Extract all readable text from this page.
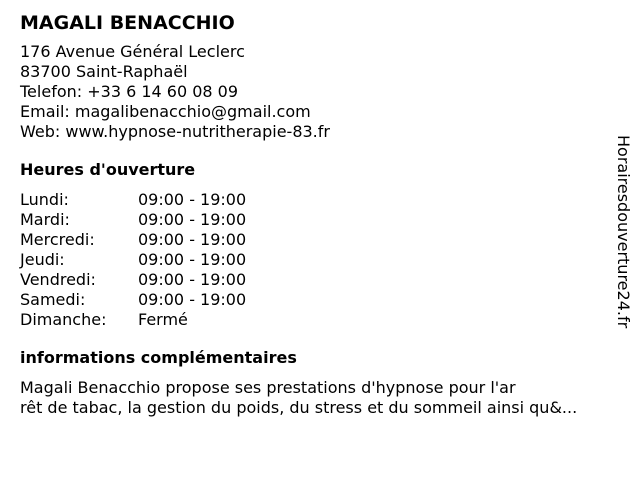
MAGALI BENACCHIO
176 Avenue Général Leclerc
83700 Saint-Raphaël
Telefon: +33 6 14 60 08 09
Email: magalibenacchio@gmail.com
Web: www.hypnose-nutritherapie-83.fr
Heures d'ouverture
Lundi:	09:00 - 19:00
Mardi:	09:00 - 19:00
Mercredi:	09:00 - 19:00
Jeudi:	09:00 - 19:00
Vendredi:	09:00 - 19:00
Samedi:	09:00 - 19:00
Dimanche:	Fermé
informations complémentaires
Magali Benacchio propose ses prestations d'hypnose pour l'ar
rêt de tabac, la gestion du poids, du stress et du sommeil ainsi qu&...
Horairesdouverture24.fr
